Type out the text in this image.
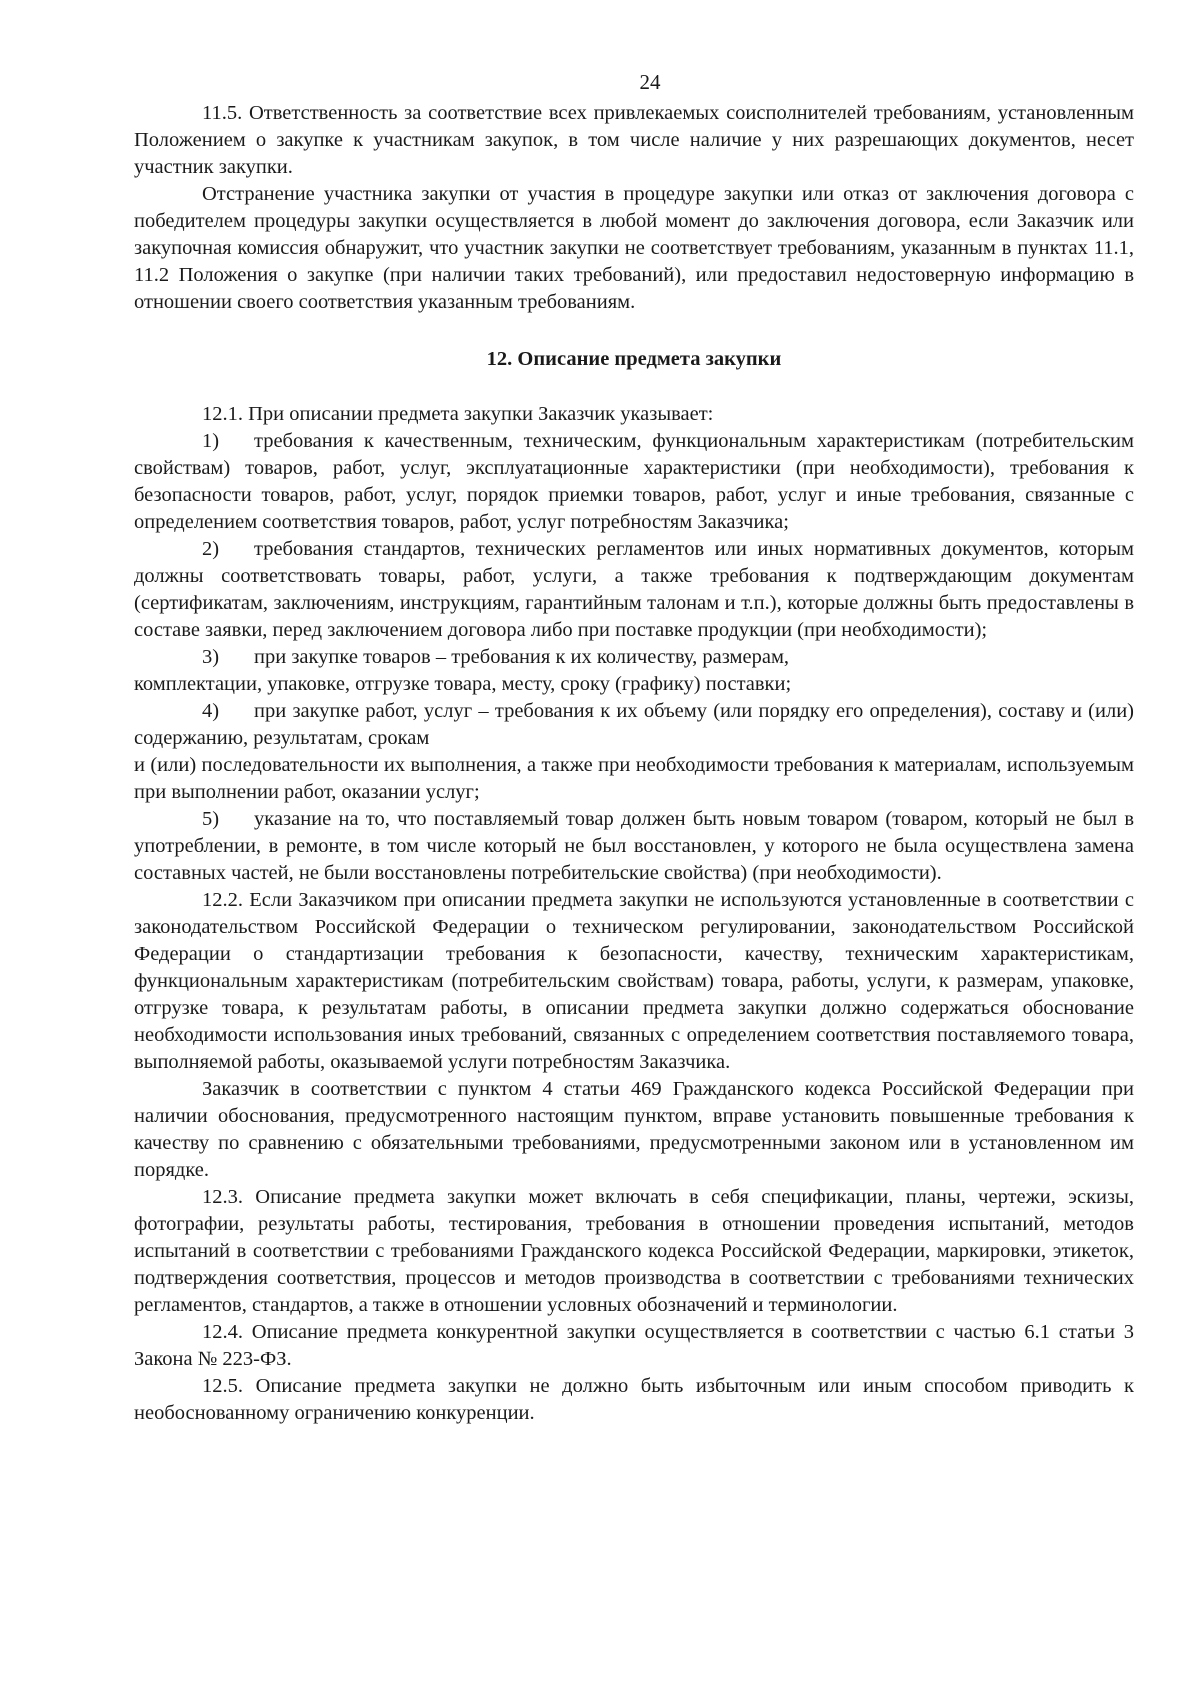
24

11.5. Ответственность за соответствие всех привлекаемых соисполнителей требованиям, установленным Положением о закупке к участникам закупок, в том числе наличие у них разрешающих документов, несет участник закупки.

Отстранение участника закупки от участия в процедуре закупки или отказ от заключения договора с победителем процедуры закупки осуществляется в любой момент до заключения договора, если Заказчик или закупочная комиссия обнаружит, что участник закупки не соответствует требованиям, указанным в пунктах 11.1, 11.2 Положения о закупке (при наличии таких требований), или предоставил недостоверную информацию в отношении своего соответствия указанным требованиям.

12. Описание предмета закупки

12.1. При описании предмета закупки Заказчик указывает:

1) требования к качественным, техническим, функциональным характеристикам (потребительским свойствам) товаров, работ, услуг, эксплуатационные характеристики (при необходимости), требования к безопасности товаров, работ, услуг, порядок приемки товаров, работ, услуг и иные требования, связанные с определением соответствия товаров, работ, услуг потребностям Заказчика;

2) требования стандартов, технических регламентов или иных нормативных документов, которым должны соответствовать товары, работ, услуги, а также требования к подтверждающим документам (сертификатам, заключениям, инструкциям, гарантийным талонам и т.п.), которые должны быть предоставлены в составе заявки, перед заключением договора либо при поставке продукции (при необходимости);

3) при закупке товаров – требования к их количеству, размерам,

комплектации, упаковке, отгрузке товара, месту, сроку (графику) поставки;

4) при закупке работ, услуг – требования к их объему (или порядку его определения), составу и (или) содержанию, результатам, срокам

и (или) последовательности их выполнения, а также при необходимости требования к материалам, используемым при выполнении работ, оказании услуг;

5) указание на то, что поставляемый товар должен быть новым товаром (товаром, который не был в употреблении, в ремонте, в том числе который не был восстановлен, у которого не была осуществлена замена составных частей, не были восстановлены потребительские свойства) (при необходимости).

12.2. Если Заказчиком при описании предмета закупки не используются установленные в соответствии с законодательством Российской Федерации о техническом регулировании, законодательством Российской Федерации о стандартизации требования к безопасности, качеству, техническим характеристикам, функциональным характеристикам (потребительским свойствам) товара, работы, услуги, к размерам, упаковке, отгрузке товара, к результатам работы, в описании предмета закупки должно содержаться обоснование необходимости использования иных требований, связанных с определением соответствия поставляемого товара, выполняемой работы, оказываемой услуги потребностям Заказчика.

Заказчик в соответствии с пунктом 4 статьи 469 Гражданского кодекса Российской Федерации при наличии обоснования, предусмотренного настоящим пунктом, вправе установить повышенные требования к качеству по сравнению с обязательными требованиями, предусмотренными законом или в установленном им порядке.

12.3. Описание предмета закупки может включать в себя спецификации, планы, чертежи, эскизы, фотографии, результаты работы, тестирования, требования в отношении проведения испытаний, методов испытаний в соответствии с требованиями Гражданского кодекса Российской Федерации, маркировки, этикеток, подтверждения соответствия, процессов и методов производства в соответствии с требованиями технических регламентов, стандартов, а также в отношении условных обозначений и терминологии.

12.4. Описание предмета конкурентной закупки осуществляется в соответствии с частью 6.1 статьи 3 Закона № 223-ФЗ.

12.5. Описание предмета закупки не должно быть избыточным или иным способом приводить к необоснованному ограничению конкуренции.
